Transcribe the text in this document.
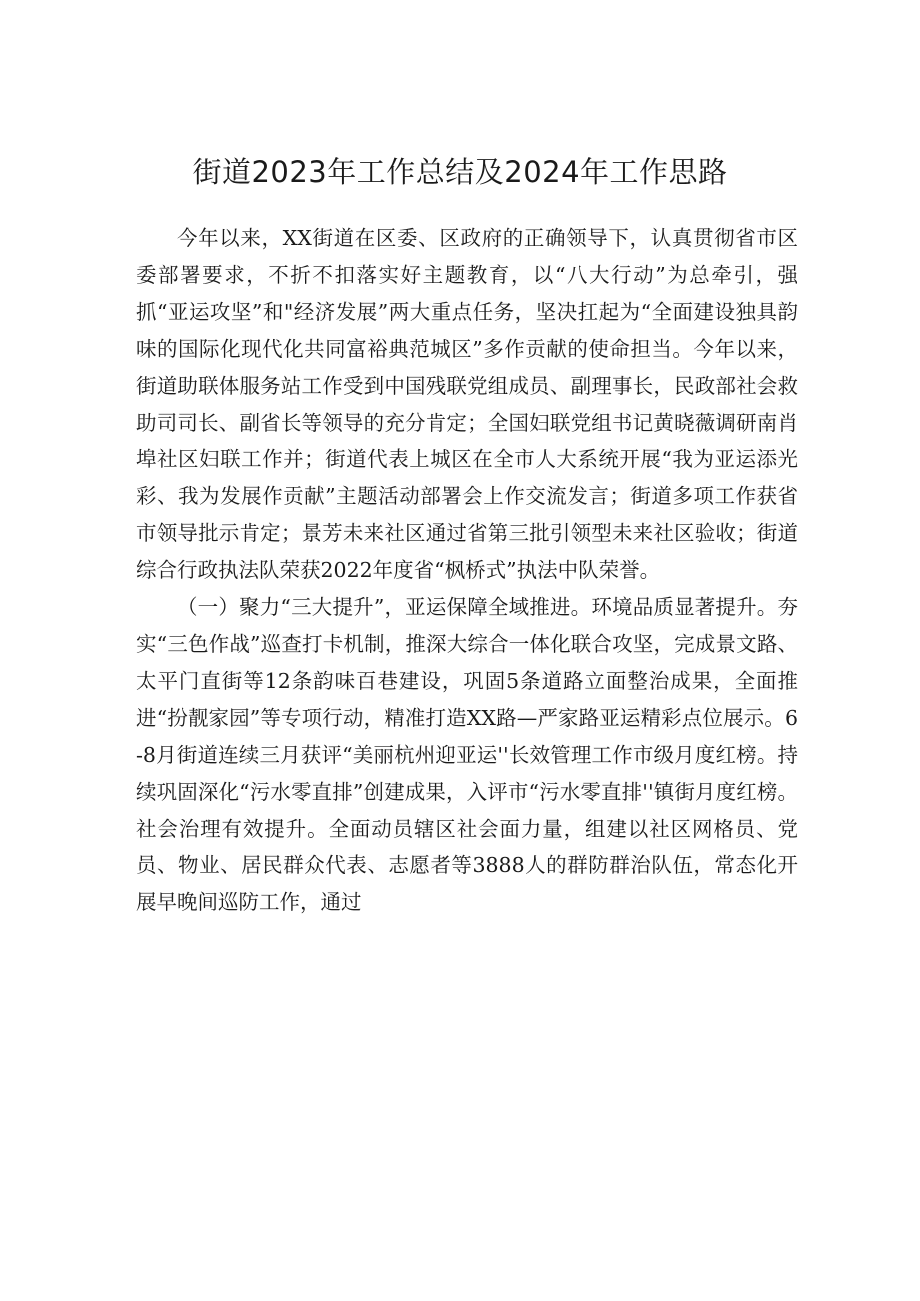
街道2023年工作总结及2024年工作思路

今年以来，XX街道在区委、区政府的正确领导下，认真贯彻省市区委部署要求，不折不扣落实好主题教育，以“八大行动”为总牵引，强抓“亚运攻坚”和"经济发展”两大重点任务，坚决扛起为“全面建设独具韵味的国际化现代化共同富裕典范城区”多作贡献的使命担当。今年以来，街道助联体服务站工作受到中国残联党组成员、副理事长，民政部社会救助司司长、副省长等领导的充分肯定；全国妇联党组书记黄晓薇调研南肖埠社区妇联工作并；街道代表上城区在全市人大系统开展“我为亚运添光彩、我为发展作贡献”主题活动部署会上作交流发言；街道多项工作获省市领导批示肯定；景芳未来社区通过省第三批引领型未来社区验收；街道综合行政执法队荣获2022年度省“枫桥式”执法中队荣誉。

（一）聚力“三大提升”，亚运保障全域推进。环境品质显著提升。夯实“三色作战”巡查打卡机制，推深大综合一体化联合攻坚，完成景文路、太平门直街等12条韵味百巷建设，巩固5条道路立面整治成果，全面推进“扮靓家园”等专项行动，精准打造XX路—严家路亚运精彩点位展示。6-8月街道连续三月获评“美丽杭州迎亚运''长效管理工作市级月度红榜。持续巩固深化“污水零直排”创建成果，入评市“污水零直排''镇街月度红榜。社会治理有效提升。全面动员辖区社会面力量，组建以社区网格员、党员、物业、居民群众代表、志愿者等3888人的群防群治队伍，常态化开展早晚间巡防工作，通过
